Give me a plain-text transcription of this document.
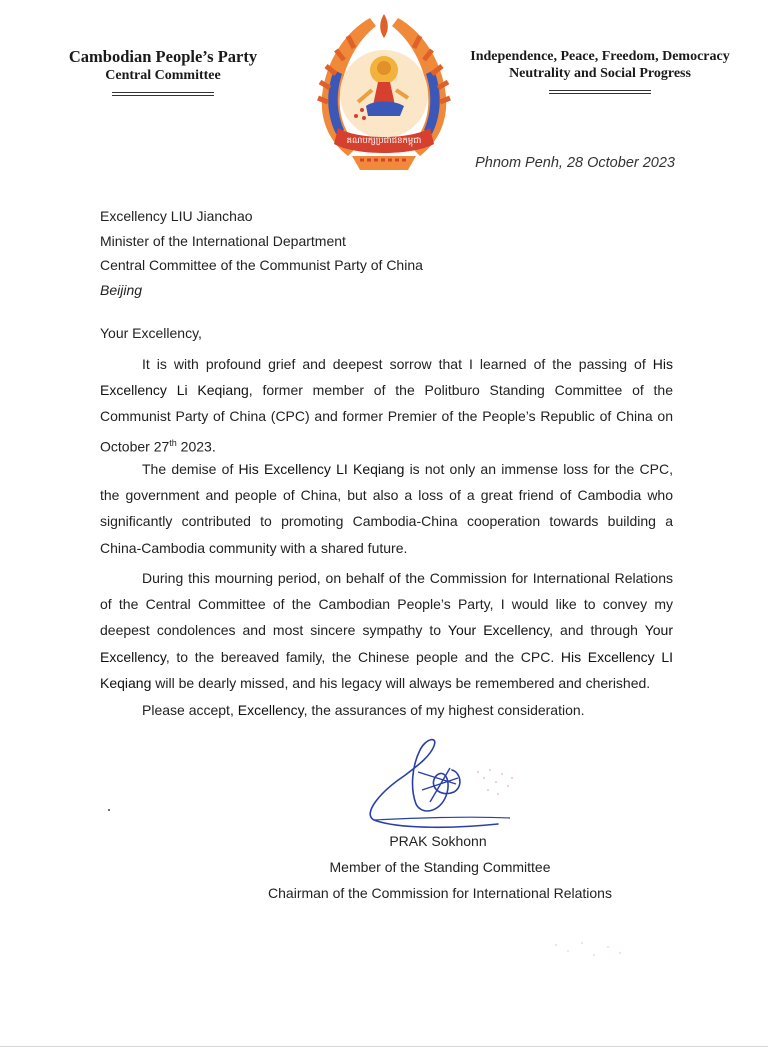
Cambodian People’s Party
Central Committee
គណបក្សប្រជាជនកម្ពុជា
Independence, Peace, Freedom, Democracy
Neutrality and Social Progress
Phnom Penh, 28 October 2023
Excellency LIU Jianchao
Minister of the International Department
Central Committee of the Communist Party of China
Beijing
Your Excellency,

It is with profound grief and deepest sorrow that I learned of the passing of His Excellency Li Keqiang, former member of the Politburo Standing Committee of the Communist Party of China (CPC) and former Premier of the People’s Republic of China on October 27th 2023.

The demise of His Excellency LI Keqiang is not only an immense loss for the CPC, the government and people of China, but also a loss of a great friend of Cambodia who significantly contributed to promoting Cambodia-China cooperation towards building a China-Cambodia community with a shared future.

During this mourning period, on behalf of the Commission for International Relations of the Central Committee of the Cambodian People’s Party, I would like to convey my deepest condolences and most sincere sympathy to Your Excellency, and through Your Excellency, to the bereaved family, the Chinese people and the CPC. His Excellency LI Keqiang will be dearly missed, and his legacy will always be remembered and cherished.

Please accept, Excellency, the assurances of my highest consideration.

PRAK Sokhonn
Member of the Standing Committee
Chairman of the Commission for International Relations
